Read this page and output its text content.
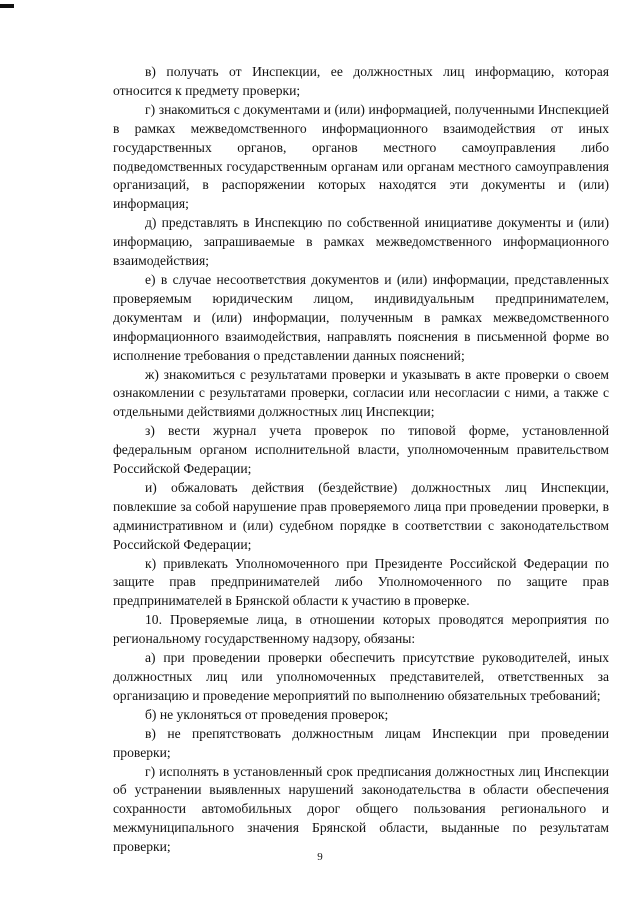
в) получать от Инспекции, ее должностных лиц информацию, которая относится к предмету проверки;

г) знакомиться с документами и (или) информацией, полученными Инспекцией в рамках межведомственного информационного взаимодействия от иных государственных органов, органов местного самоуправления либо подведомственных государственным органам или органам местного самоуправления организаций, в распоряжении которых находятся эти документы и (или) информация;

д) представлять в Инспекцию по собственной инициативе документы и (или) информацию, запрашиваемые в рамках межведомственного информационного взаимодействия;

е) в случае несоответствия документов и (или) информации, представленных проверяемым юридическим лицом, индивидуальным предпринимателем, документам и (или) информации, полученным в рамках межведомственного информационного взаимодействия, направлять пояснения в письменной форме во исполнение требования о представлении данных пояснений;

ж) знакомиться с результатами проверки и указывать в акте проверки о своем ознакомлении с результатами проверки, согласии или несогласии с ними, а также с отдельными действиями должностных лиц Инспекции;

з) вести журнал учета проверок по типовой форме, установленной федеральным органом исполнительной власти, уполномоченным правительством Российской Федерации;

и) обжаловать действия (бездействие) должностных лиц Инспекции, повлекшие за собой нарушение прав проверяемого лица при проведении проверки, в административном и (или) судебном порядке в соответствии с законодательством Российской Федерации;

к) привлекать Уполномоченного при Президенте Российской Федерации по защите прав предпринимателей либо Уполномоченного по защите прав предпринимателей в Брянской области к участию в проверке.

10. Проверяемые лица, в отношении которых проводятся мероприятия по региональному государственному надзору, обязаны:

а) при проведении проверки обеспечить присутствие руководителей, иных должностных лиц или уполномоченных представителей, ответственных за организацию и проведение мероприятий по выполнению обязательных требований;

б) не уклоняться от проведения проверок;

в) не препятствовать должностным лицам Инспекции при проведении проверки;

г) исполнять в установленный срок предписания должностных лиц Инспекции об устранении выявленных нарушений законодательства в области обеспечения сохранности автомобильных дорог общего пользования регионального и межмуниципального значения Брянской области, выданные по результатам проверки;

9
